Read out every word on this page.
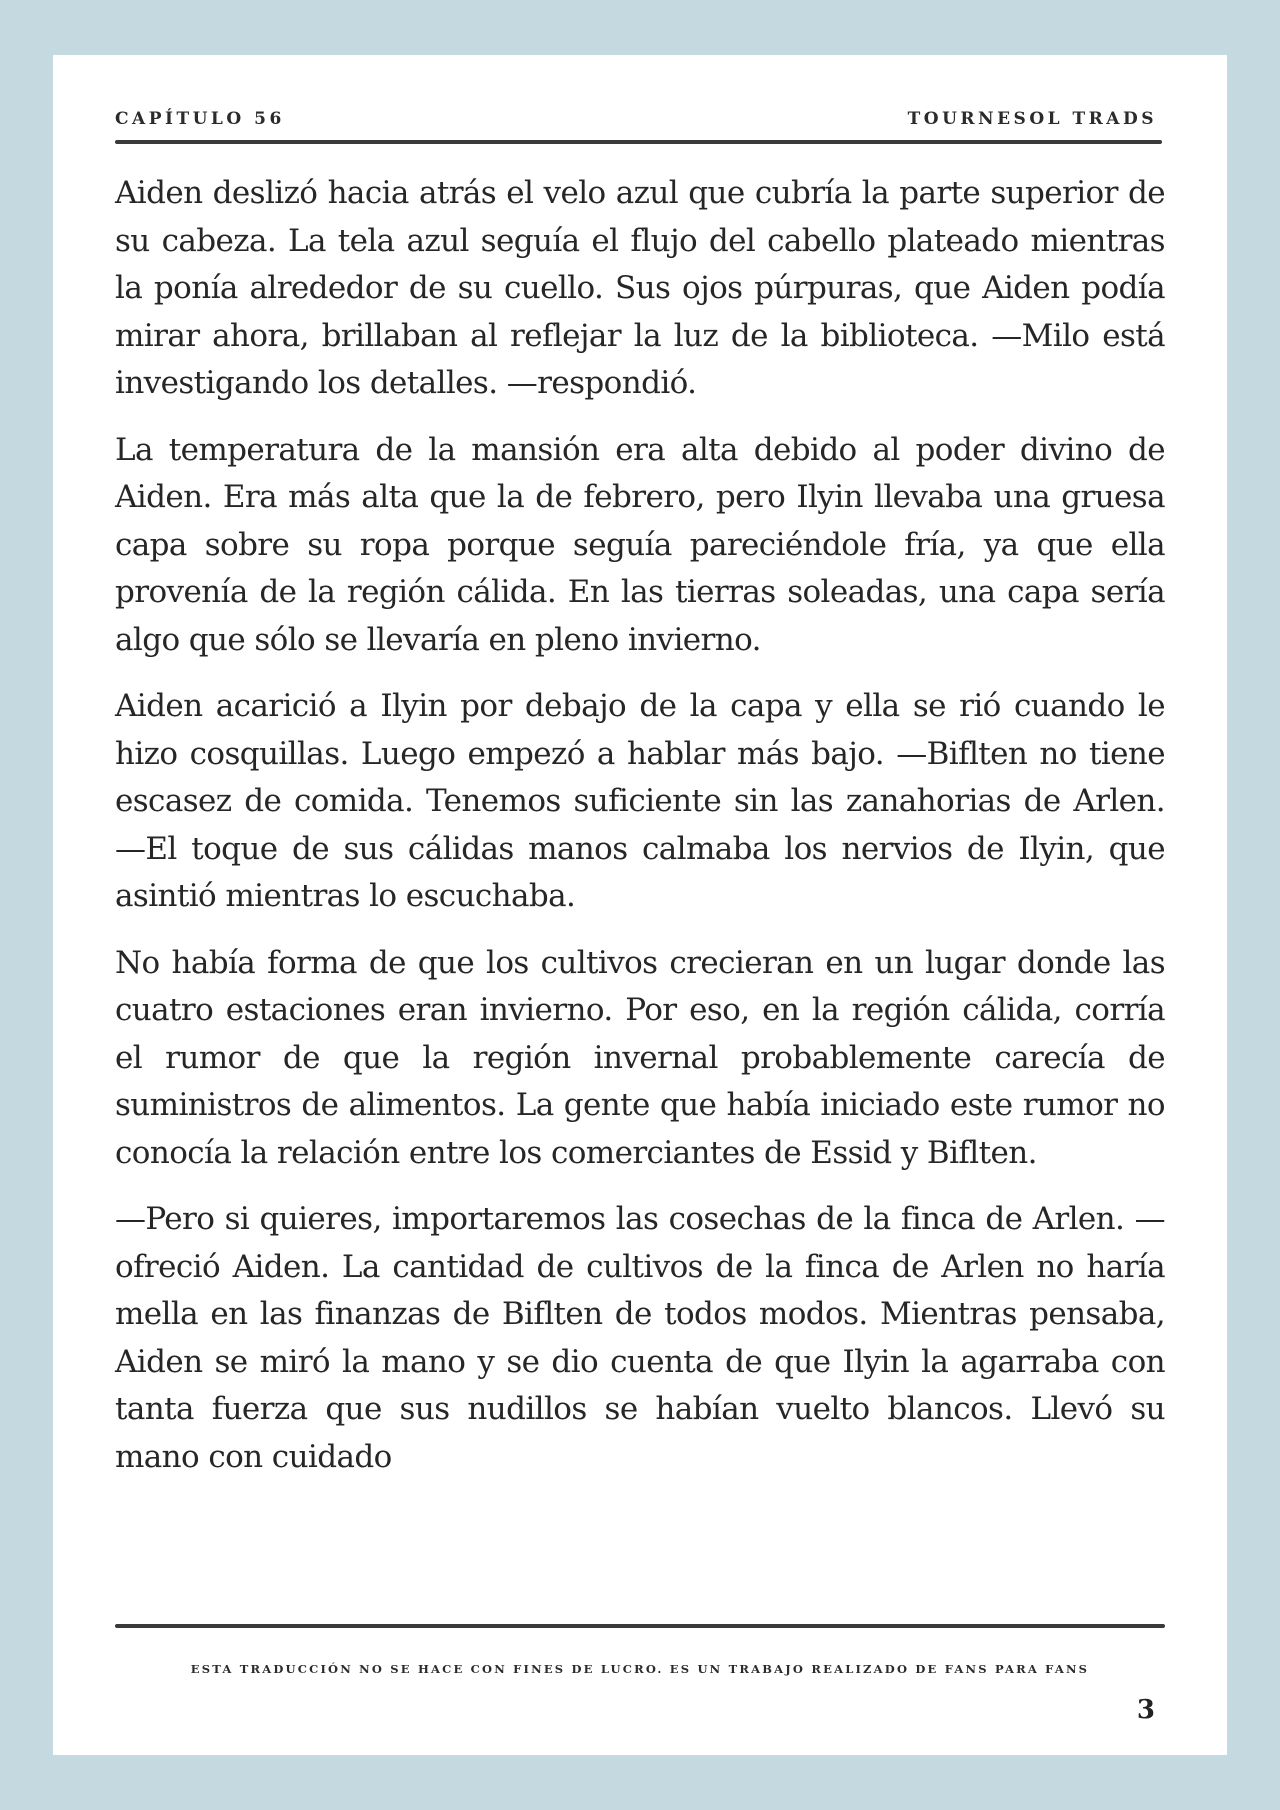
CAPÍTULO 56	TOURNESOL TRADS

Aiden deslizó hacia atrás el velo azul que cubría la parte superior de su cabeza. La tela azul seguía el flujo del cabello plateado mientras la ponía alrededor de su cuello. Sus ojos púrpuras, que Aiden podía mirar ahora, brillaban al reflejar la luz de la biblioteca. —Milo está investigando los detalles. —respondió.

La temperatura de la mansión era alta debido al poder divino de Aiden. Era más alta que la de febrero, pero Ilyin llevaba una gruesa capa sobre su ropa porque seguía pareciéndole fría, ya que ella provenía de la región cálida. En las tierras soleadas, una capa sería algo que sólo se llevaría en pleno invierno.

Aiden acarició a Ilyin por debajo de la capa y ella se rió cuando le hizo cosquillas. Luego empezó a hablar más bajo. —Biflten no tiene escasez de comida. Tenemos suficiente sin las zanahorias de Arlen. —El toque de sus cálidas manos calmaba los nervios de Ilyin, que asintió mientras lo escuchaba.

No había forma de que los cultivos crecieran en un lugar donde las cuatro estaciones eran invierno. Por eso, en la región cálida, corría el rumor de que la región invernal probablemente carecía de suministros de alimentos. La gente que había iniciado este rumor no conocía la relación entre los comerciantes de Essid y Biflten.

—Pero si quieres, importaremos las cosechas de la finca de Arlen. —ofreció Aiden. La cantidad de cultivos de la finca de Arlen no haría mella en las finanzas de Biflten de todos modos. Mientras pensaba, Aiden se miró la mano y se dio cuenta de que Ilyin la agarraba con tanta fuerza que sus nudillos se habían vuelto blancos. Llevó su mano con cuidado

ESTA TRADUCCIÓN NO SE HACE CON FINES DE LUCRO. ES UN TRABAJO REALIZADO DE FANS PARA FANS
3
